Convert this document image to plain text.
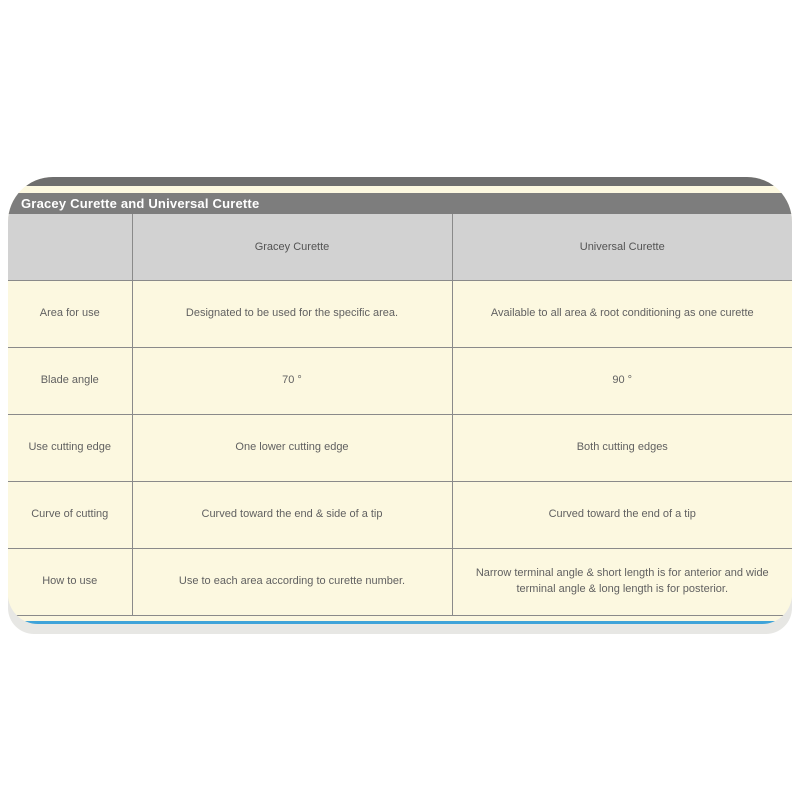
Gracey Curette and Universal Curette
	Gracey Curette	Universal Curette
Area for use	Designated to be used for the specific area.	Available to all area & root conditioning as one curette
Blade angle	70 °	90 °
Use cutting edge	One lower cutting edge	Both cutting edges
Curve of cutting	Curved toward the end & side of a tip	Curved toward the end of a tip
How to use	Use to each area according to curette number.	Narrow terminal angle & short length is for anterior and wide terminal angle & long length is for posterior.
